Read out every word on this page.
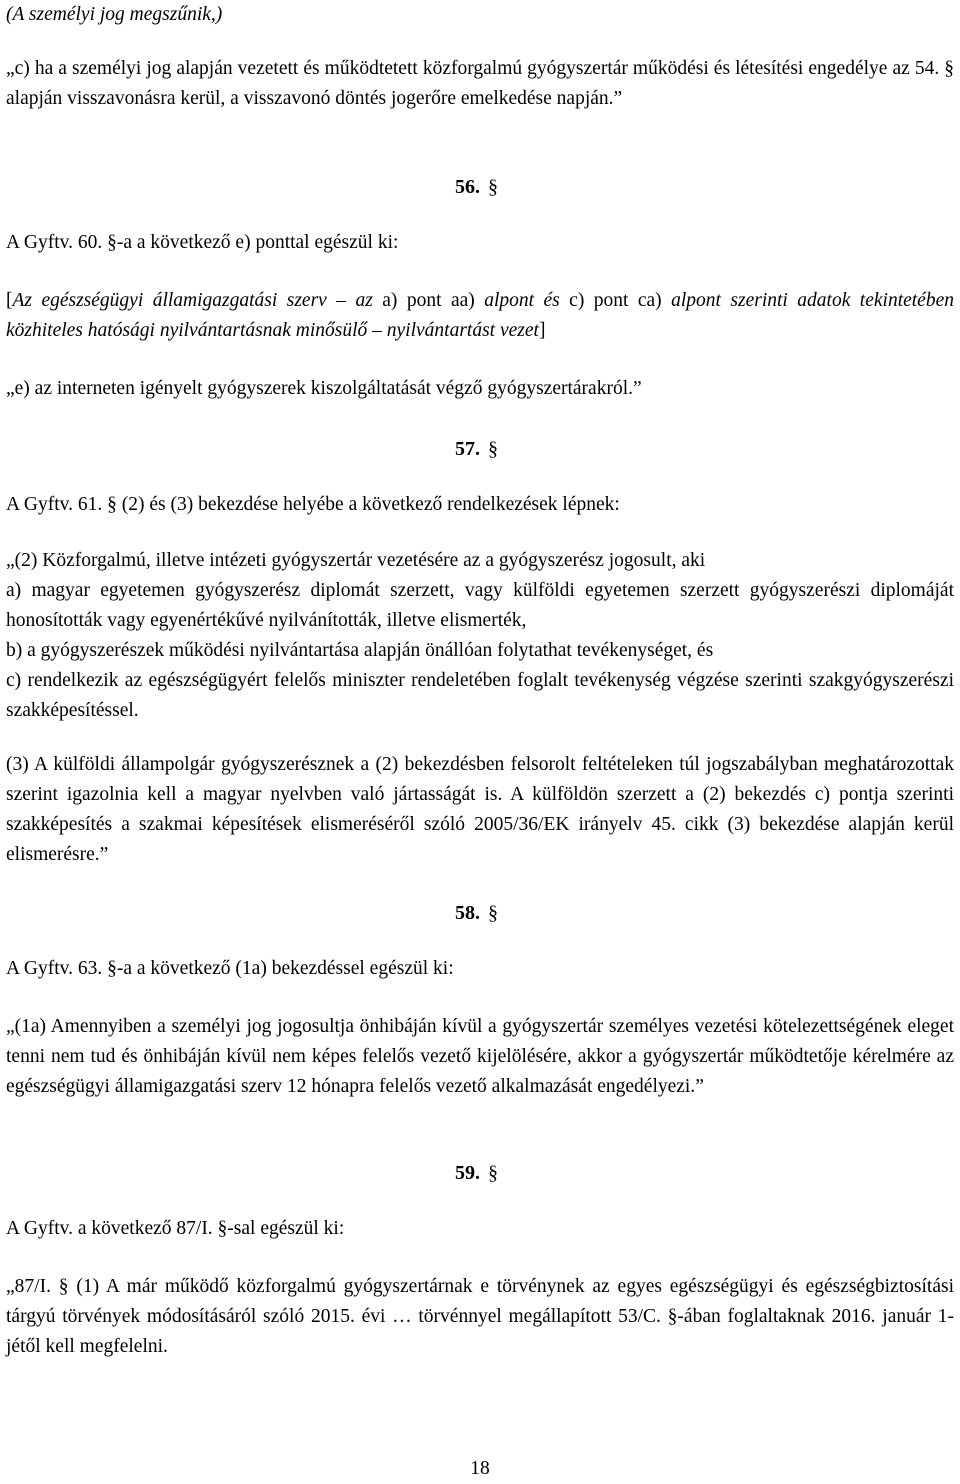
(A személyi jog megszűnik,)

„c) ha a személyi jog alapján vezetett és működtetett közforgalmú gyógyszertár működési és létesítési engedélye az 54. § alapján visszavonásra kerül, a visszavonó döntés jogerőre emelkedése napján.”

56. §

A Gyftv. 60. §-a a következő e) ponttal egészül ki:

[Az egészségügyi államigazgatási szerv – az a) pont aa) alpont és c) pont ca) alpont szerinti adatok tekintetében közhiteles hatósági nyilvántartásnak minősülő – nyilvántartást vezet]

„e) az interneten igényelt gyógyszerek kiszolgáltatását végző gyógyszertárakról.”

57. §

A Gyftv. 61. § (2) és (3) bekezdése helyébe a következő rendelkezések lépnek:

„(2) Közforgalmú, illetve intézeti gyógyszertár vezetésére az a gyógyszerész jogosult, aki

a) magyar egyetemen gyógyszerész diplomát szerzett, vagy külföldi egyetemen szerzett gyógyszerészi diplomáját honosították vagy egyenértékűvé nyilvánították, illetve elismerték,

b) a gyógyszerészek működési nyilvántartása alapján önállóan folytathat tevékenységet, és

c) rendelkezik az egészségügyért felelős miniszter rendeletében foglalt tevékenység végzése szerinti szakgyógyszerészi szakképesítéssel.

(3) A külföldi állampolgár gyógyszerésznek a (2) bekezdésben felsorolt feltételeken túl jogszabályban meghatározottak szerint igazolnia kell a magyar nyelvben való jártasságát is. A külföldön szerzett a (2) bekezdés c) pontja szerinti szakképesítés a szakmai képesítések elismeréséről szóló 2005/36/EK irányelv 45. cikk (3) bekezdése alapján kerül elismerésre.”

58. §

A Gyftv. 63. §-a a következő (1a) bekezdéssel egészül ki:

„(1a) Amennyiben a személyi jog jogosultja önhibáján kívül a gyógyszertár személyes vezetési kötelezettségének eleget tenni nem tud és önhibáján kívül nem képes felelős vezető kijelölésére, akkor a gyógyszertár működtetője kérelmére az egészségügyi államigazgatási szerv 12 hónapra felelős vezető alkalmazását engedélyezi.”

59. §

A Gyftv. a következő 87/I. §-sal egészül ki:

„87/I. § (1) A már működő közforgalmú gyógyszertárnak e törvénynek az egyes egészségügyi és egészségbiztosítási tárgyú törvények módosításáról szóló 2015. évi … törvénnyel megállapított 53/C. §-ában foglaltaknak 2016. január 1-jétől kell megfelelni.

18
